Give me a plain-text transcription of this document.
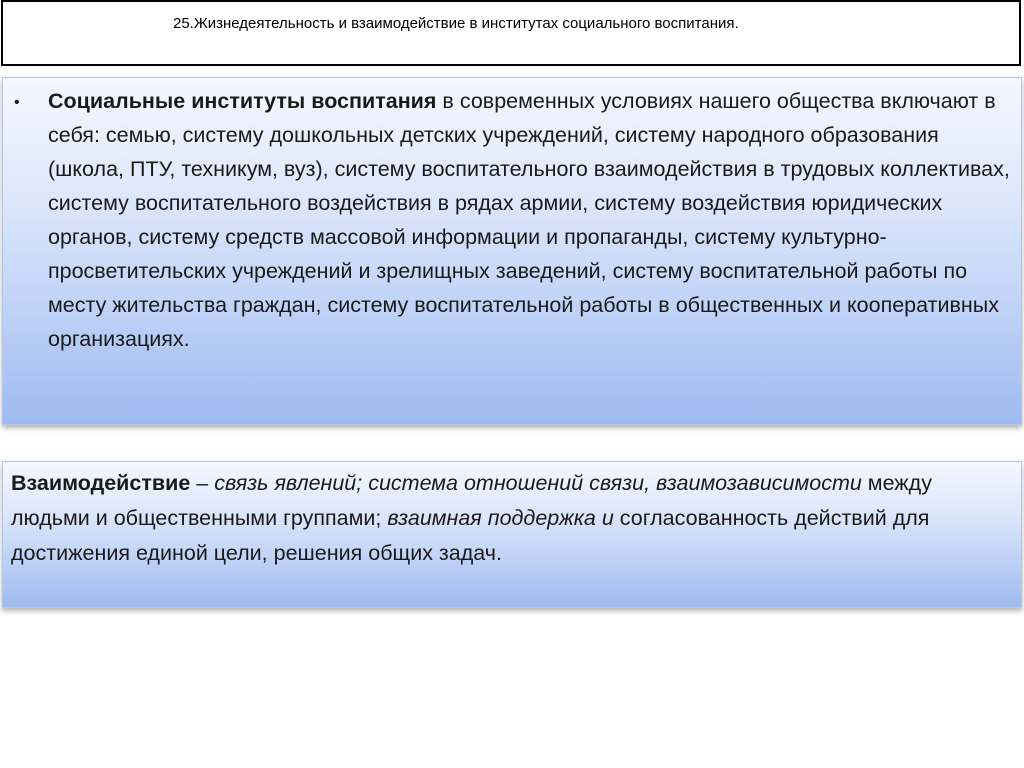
25.Жизнедеятельность и взаимодействие в институтах социального воспитания.
• Социальные институты воспитания в современных условиях нашего общества включают в себя: семью, систему дошкольных детских учреждений, систему народного образования (школа, ПТУ, техникум, вуз), систему воспитательного взаимодействия в трудовых коллективах, систему воспитательного воздействия в рядах армии, систему воздействия юридических органов, систему средств массовой информации и пропаганды, систему культурно-просветительских учреждений и зрелищных заведений, систему воспитательной работы по месту жительства граждан, систему воспитательной работы в общественных и кооперативных организациях.
Взаимодействие – связь явлений; система отношений связи, взаимозависимости между людьми и общественными группами; взаимная поддержка и согласованность действий для достижения единой цели, решения общих задач.
